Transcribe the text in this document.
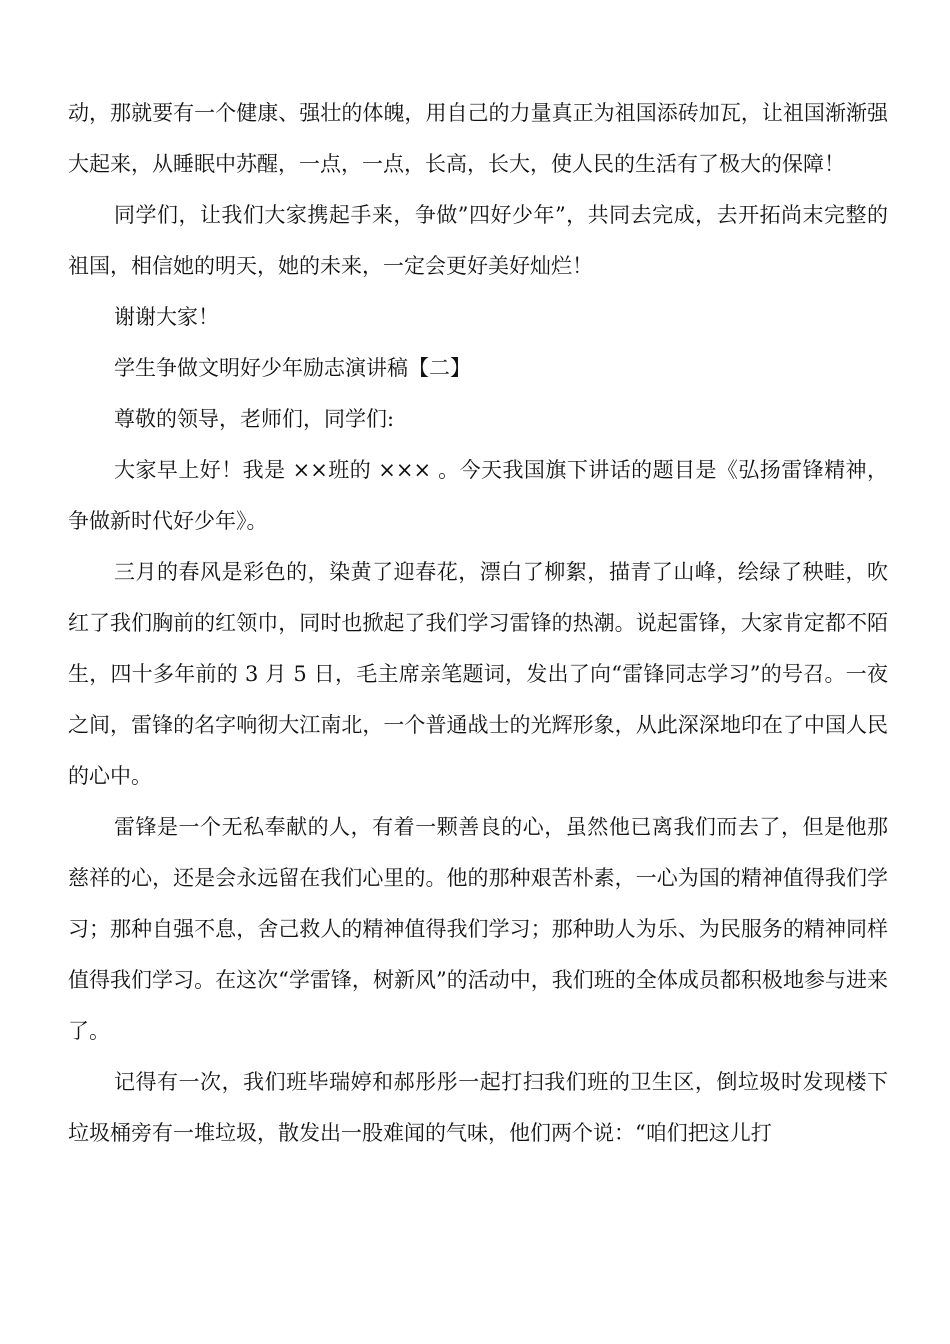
动，那就要有一个健康、强壮的体魄，用自己的力量真正为祖国添砖加瓦，让祖国渐渐强大起来，从睡眠中苏醒，一点，一点，长高，长大，使人民的生活有了极大的保障！

同学们，让我们大家携起手来，争做”四好少年”，共同去完成，去开拓尚末完整的祖国，相信她的明天，她的未来，一定会更好美好灿烂！

谢谢大家！

学生争做文明好少年励志演讲稿【二】

尊敬的领导，老师们，同学们:

大家早上好！我是 ××班的 ××× 。今天我国旗下讲话的题目是《弘扬雷锋精神，争做新时代好少年》。

三月的春风是彩色的，染黄了迎春花，漂白了柳絮，描青了山峰，绘绿了秧畦，吹红了我们胸前的红领巾，同时也掀起了我们学习雷锋的热潮。说起雷锋，大家肯定都不陌生，四十多年前的 3 月 5 日，毛主席亲笔题词，发出了向“雷锋同志学习”的号召。一夜之间，雷锋的名字响彻大江南北，一个普通战士的光辉形象，从此深深地印在了中国人民的心中。

雷锋是一个无私奉献的人，有着一颗善良的心，虽然他已离我们而去了，但是他那慈祥的心，还是会永远留在我们心里的。他的那种艰苦朴素，一心为国的精神值得我们学习；那种自强不息，舍己救人的精神值得我们学习；那种助人为乐、为民服务的精神同样值得我们学习。在这次“学雷锋，树新风”的活动中，我们班的全体成员都积极地参与进来了。

记得有一次，我们班毕瑞婷和郝彤彤一起打扫我们班的卫生区，倒垃圾时发现楼下垃圾桶旁有一堆垃圾，散发出一股难闻的气味，他们两个说：“咱们把这儿打
